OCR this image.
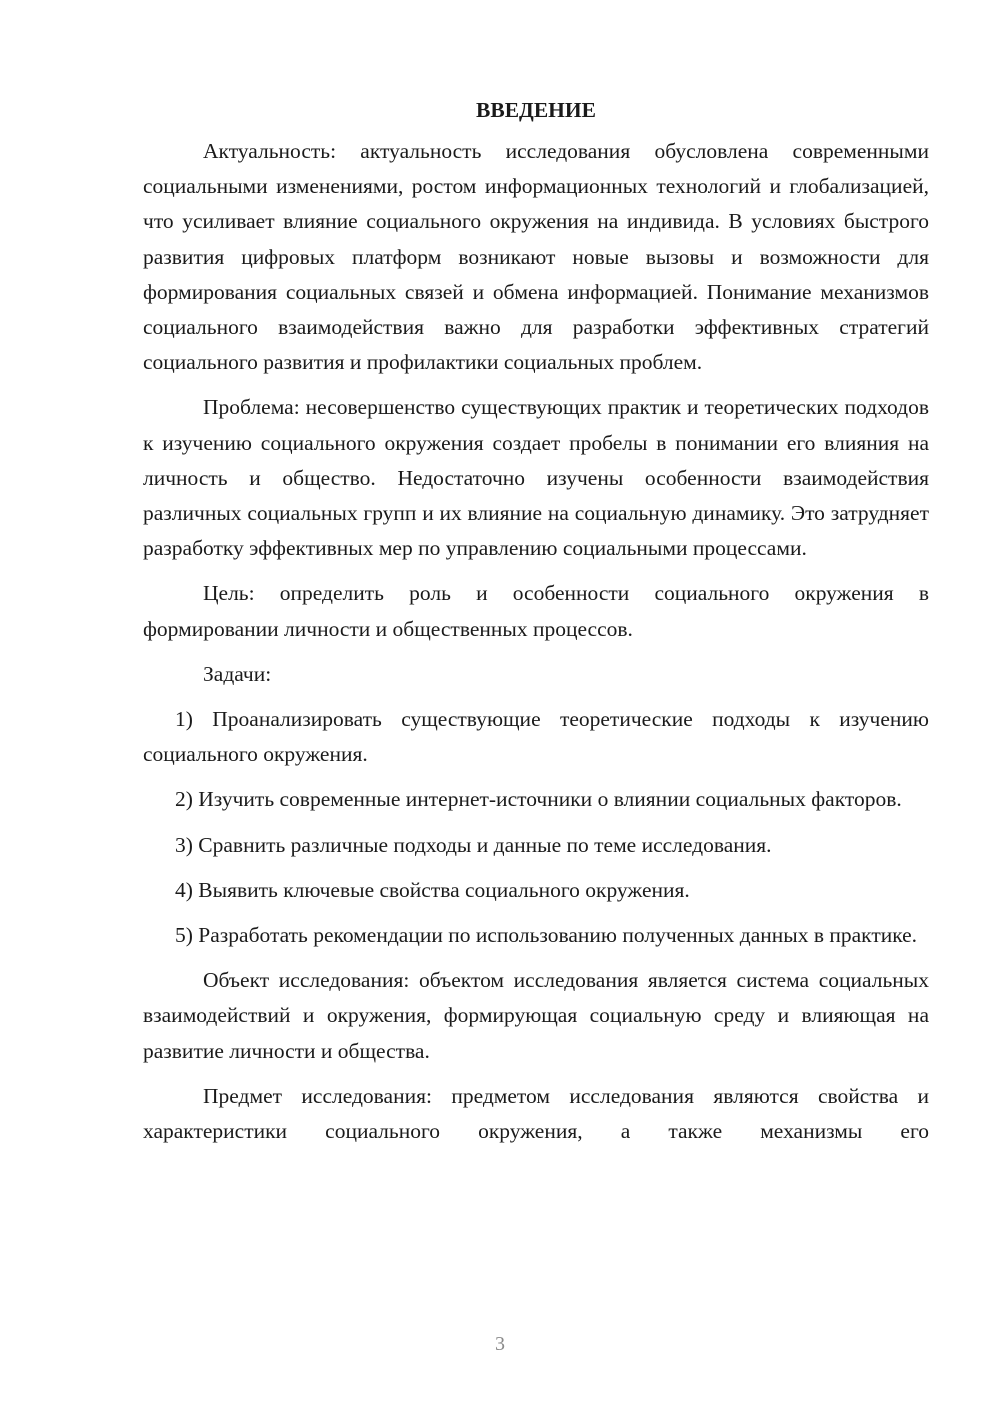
ВВЕДЕНИЕ

Актуальность: актуальность исследования обусловлена современными социальными изменениями, ростом информационных технологий и глобализацией, что усиливает влияние социального окружения на индивида. В условиях быстрого развития цифровых платформ возникают новые вызовы и возможности для формирования социальных связей и обмена информацией. Понимание механизмов социального взаимодействия важно для разработки эффективных стратегий социального развития и профилактики социальных проблем.

Проблема: несовершенство существующих практик и теоретических подходов к изучению социального окружения создает пробелы в понимании его влияния на личность и общество. Недостаточно изучены особенности взаимодействия различных социальных групп и их влияние на социальную динамику. Это затрудняет разработку эффективных мер по управлению социальными процессами.

Цель: определить роль и особенности социального окружения в формировании личности и общественных процессов.

Задачи:

1) Проанализировать существующие теоретические подходы к изучению социального окружения.

2) Изучить современные интернет-источники о влиянии социальных факторов.

3) Сравнить различные подходы и данные по теме исследования.

4) Выявить ключевые свойства социального окружения.

5) Разработать рекомендации по использованию полученных данных в практике.

Объект исследования: объектом исследования является система социальных взаимодействий и окружения, формирующая социальную среду и влияющая на развитие личности и общества.

Предмет исследования: предметом исследования являются свойства и характеристики социального окружения, а также механизмы его

3
